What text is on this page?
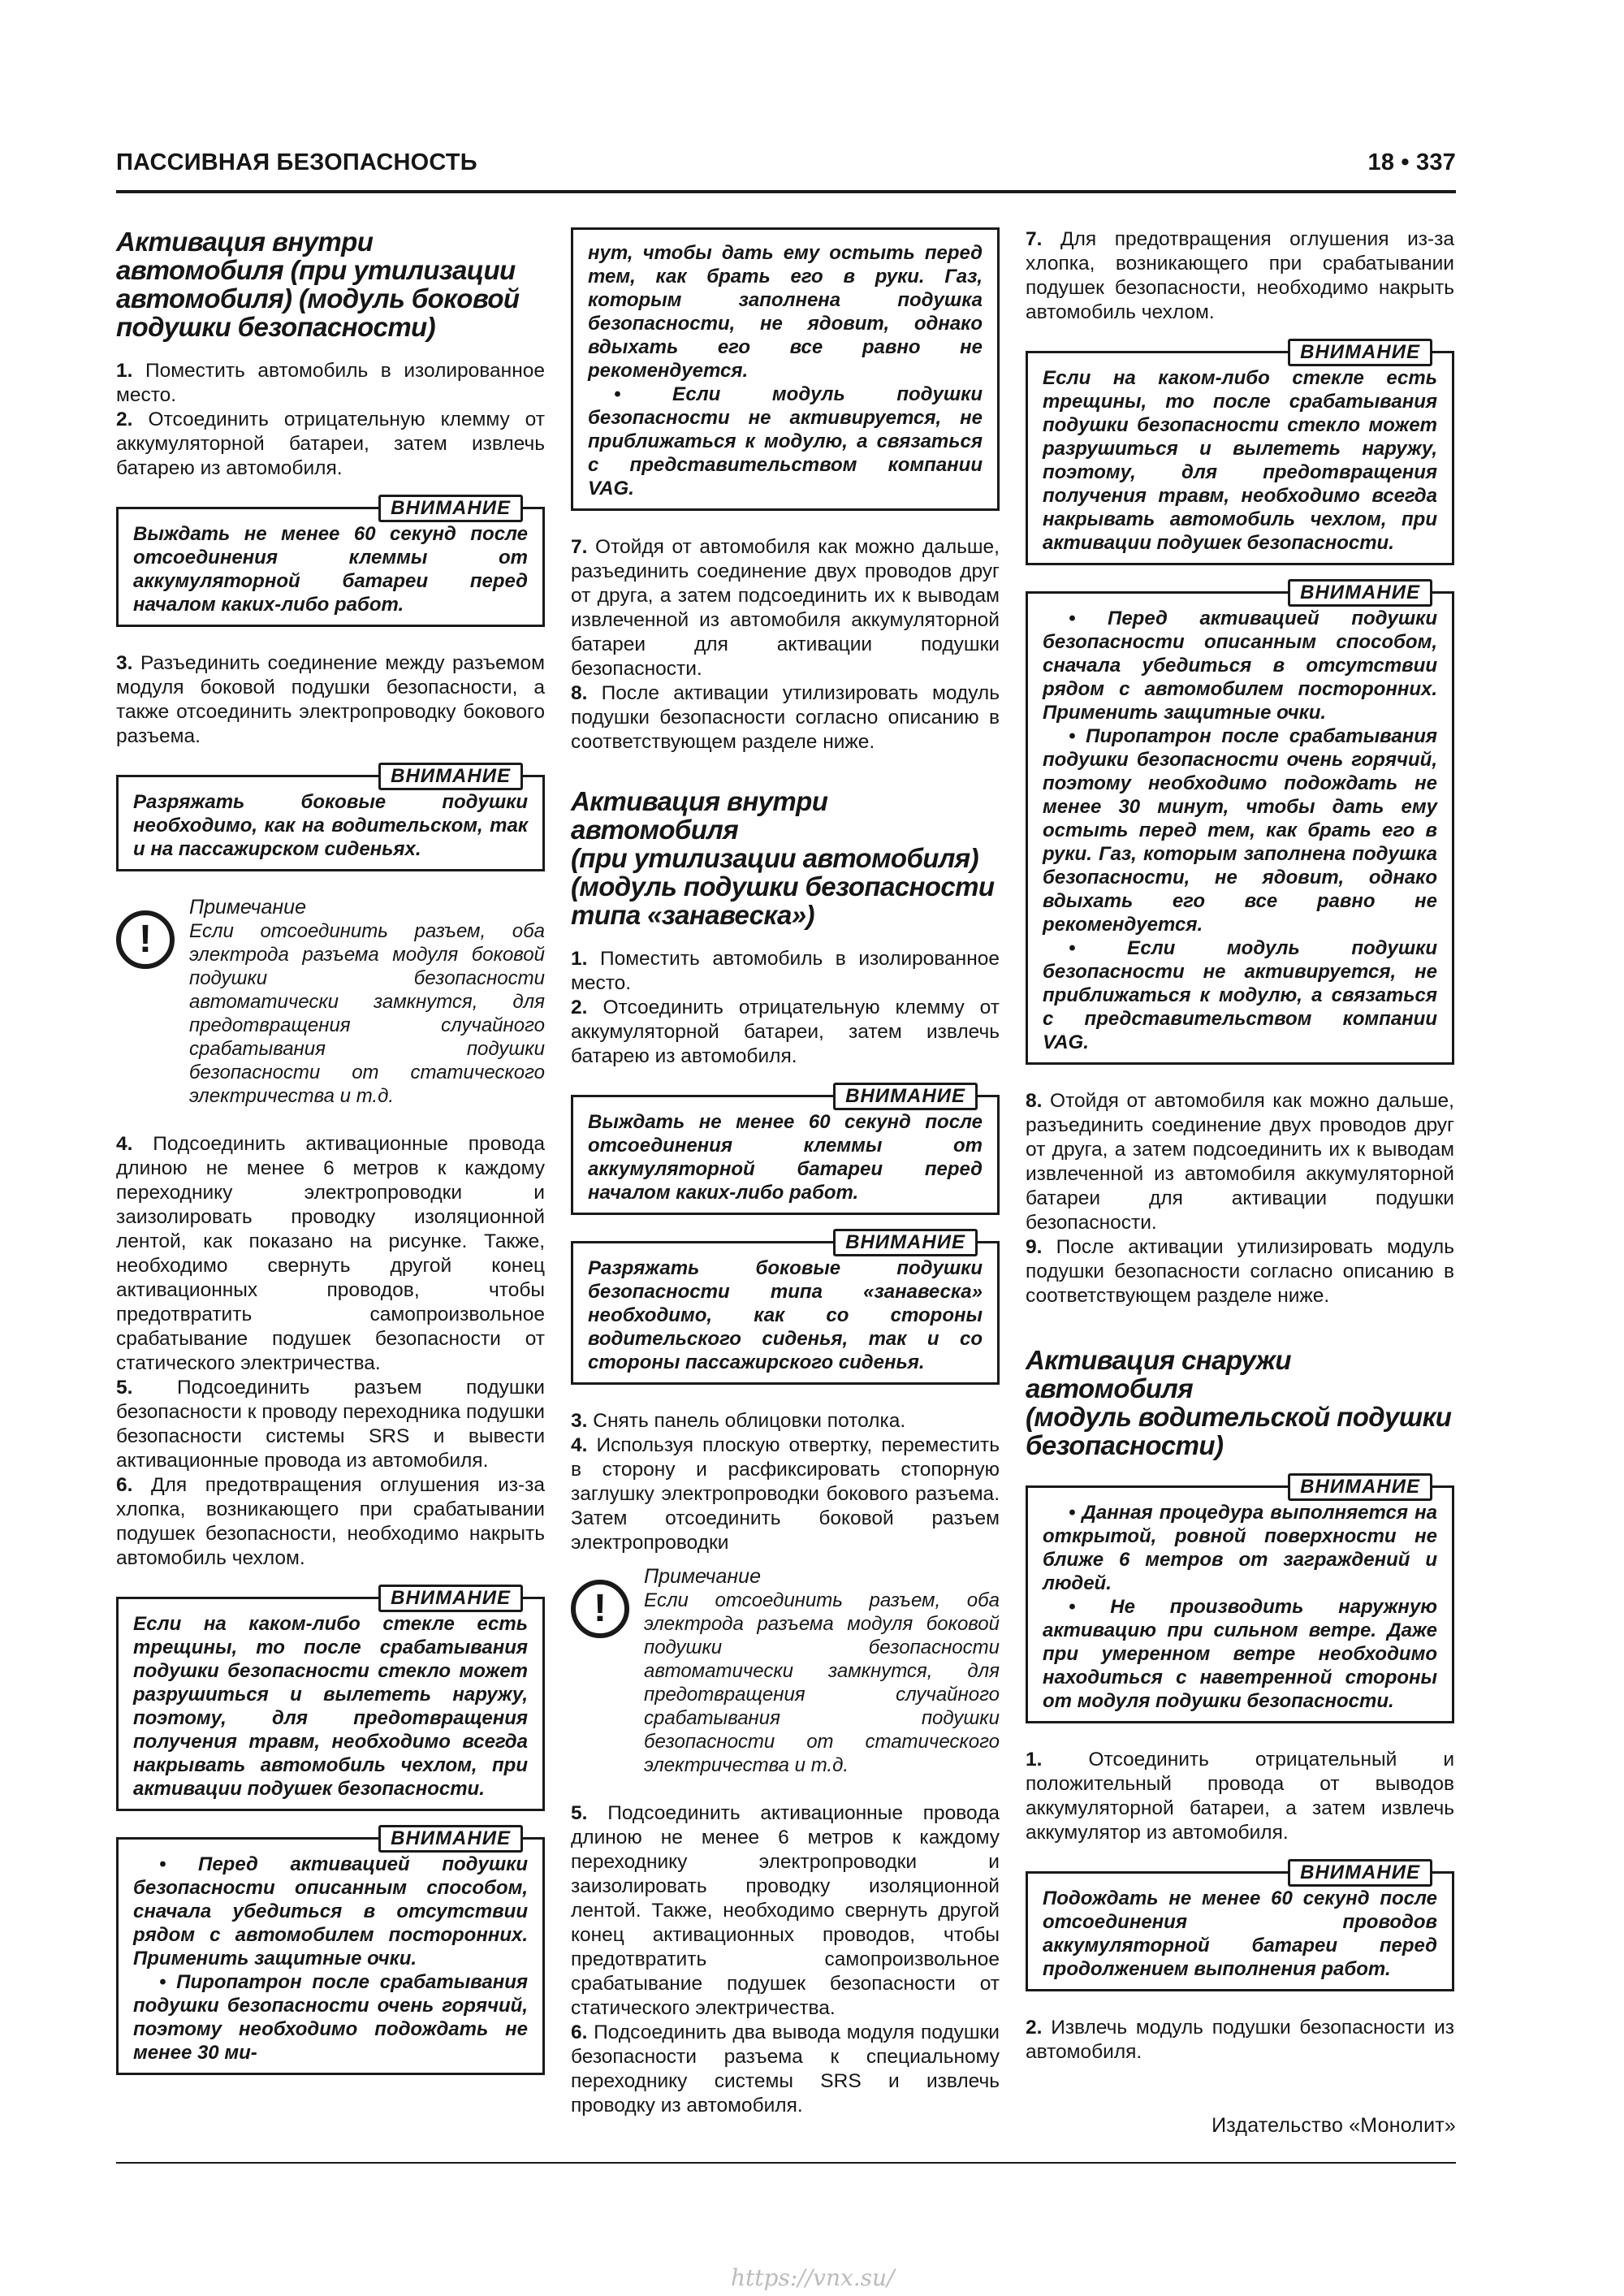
ПАССИВНАЯ БЕЗОПАСНОСТЬ	18 • 337
Активация внутри
автомобиля (при утилизации
автомобиля) (модуль боковой
подушки безопасности)

1. Поместить автомобиль в изолированное место.

2. Отсоединить отрицательную клемму от аккумуляторной батареи, затем извлечь батарею из автомобиля.

ВНИМАНИЕ

Выждать не менее 60 секунд после отсоединения клеммы от аккумуляторной батареи перед началом каких-либо работ.

3. Разъединить соединение между разъемом модуля боковой подушки безопасности, а также отсоединить электропроводку бокового разъема.

ВНИМАНИЕ

Разряжать боковые подушки необходимо, как на водительском, так и на пассажирском сиденьях.

!
Примечание

Если отсоединить разъем, оба электрода разъема модуля боковой подушки безопасности автоматически замкнутся, для предотвращения случайного срабатывания подушки безопасности от статического электричества и т.д.

4. Подсоединить активационные провода длиною не менее 6 метров к каждому переходнику электропроводки и заизолировать проводку изоляционной лентой, как показано на рисунке. Также, необходимо свернуть другой конец активационных проводов, чтобы предотвратить самопроизвольное срабатывание подушек безопасности от статического электричества.

5. Подсоединить разъем подушки безопасности к проводу переходника подушки безопасности системы SRS и вывести активационные провода из автомобиля.

6. Для предотвращения оглушения из-за хлопка, возникающего при срабатывании подушек безопасности, необходимо накрыть автомобиль чехлом.

ВНИМАНИЕ

Если на каком-либо стекле есть трещины, то после срабатывания подушки безопасности стекло может разрушиться и вылететь наружу, поэтому, для предотвращения получения травм, необходимо всегда накрывать автомобиль чехлом, при активации подушек безопасности.

ВНИМАНИЕ

• Перед активацией подушки безопасности описанным способом, сначала убедиться в отсутствии рядом с автомобилем посторонних. Применить защитные очки.

• Пиропатрон после срабатывания подушки безопасности очень горячий, поэтому необходимо подождать не менее 30 ми-

нут, чтобы дать ему остыть перед тем, как брать его в руки. Газ, которым заполнена подушка безопасности, не ядовит, однако вдыхать его все равно не рекомендуется.

• Если модуль подушки безопасности не активируется, не приближаться к модулю, а связаться с представительством компании VAG.

7. Отойдя от автомобиля как можно дальше, разъединить соединение двух проводов друг от друга, а затем подсоединить их к выводам извлеченной из автомобиля аккумуляторной батареи для активации подушки безопасности.

8. После активации утилизировать модуль подушки безопасности согласно описанию в соответствующем разделе ниже.

Активация внутри автомобиля
(при утилизации автомобиля)
(модуль подушки безопасности
типа «занавеска»)

1. Поместить автомобиль в изолированное место.

2. Отсоединить отрицательную клемму от аккумуляторной батареи, затем извлечь батарею из автомобиля.

ВНИМАНИЕ

Выждать не менее 60 секунд после отсоединения клеммы от аккумуляторной батареи перед началом каких-либо работ.

ВНИМАНИЕ

Разряжать боковые подушки безопасности типа «занавеска» необходимо, как со стороны водительского сиденья, так и со стороны пассажирского сиденья.

3. Снять панель облицовки потолка.

4. Используя плоскую отвертку, переместить в сторону и расфиксировать стопорную заглушку электропроводки бокового разъема. Затем отсоединить боковой разъем электропроводки

!
Примечание

Если отсоединить разъем, оба электрода разъема модуля боковой подушки безопасности автоматически замкнутся, для предотвращения случайного срабатывания подушки безопасности от статического электричества и т.д.

5. Подсоединить активационные провода длиною не менее 6 метров к каждому переходнику электропроводки и заизолировать проводку изоляционной лентой. Также, необходимо свернуть другой конец активационных проводов, чтобы предотвратить самопроизвольное срабатывание подушек безопасности от статического электричества.

6. Подсоединить два вывода модуля подушки безопасности разъема к специальному переходнику системы SRS и извлечь проводку из автомобиля.

7. Для предотвращения оглушения из-за хлопка, возникающего при срабатывании подушек безопасности, необходимо накрыть автомобиль чехлом.

ВНИМАНИЕ

Если на каком-либо стекле есть трещины, то после срабатывания подушки безопасности стекло может разрушиться и вылететь наружу, поэтому, для предотвращения получения травм, необходимо всегда накрывать автомобиль чехлом, при активации подушек безопасности.

ВНИМАНИЕ

• Перед активацией подушки безопасности описанным способом, сначала убедиться в отсутствии рядом с автомобилем посторонних. Применить защитные очки.

• Пиропатрон после срабатывания подушки безопасности очень горячий, поэтому необходимо подождать не менее 30 минут, чтобы дать ему остыть перед тем, как брать его в руки. Газ, которым заполнена подушка безопасности, не ядовит, однако вдыхать его все равно не рекомендуется.

• Если модуль подушки безопасности не активируется, не приближаться к модулю, а связаться с представительством компании VAG.

8. Отойдя от автомобиля как можно дальше, разъединить соединение двух проводов друг от друга, а затем подсоединить их к выводам извлеченной из автомобиля аккумуляторной батареи для активации подушки безопасности.

9. После активации утилизировать модуль подушки безопасности согласно описанию в соответствующем разделе ниже.

Активация снаружи автомобиля
(модуль водительской подушки
безопасности)
ВНИМАНИЕ

• Данная процедура выполняется на открытой, ровной поверхности не ближе 6 метров от заграждений и людей.

• Не производить наружную активацию при сильном ветре. Даже при умеренном ветре необходимо находиться с наветренной стороны от модуля подушки безопасности.

1. Отсоединить отрицательный и положительный провода от выводов аккумуляторной батареи, а затем извлечь аккумулятор из автомобиля.

ВНИМАНИЕ

Подождать не менее 60 секунд после отсоединения проводов аккумуляторной батареи перед продолжением выполнения работ.

2. Извлечь модуль подушки безопасности из автомобиля.

Издательство «Монолит»
https://vnx.su/
